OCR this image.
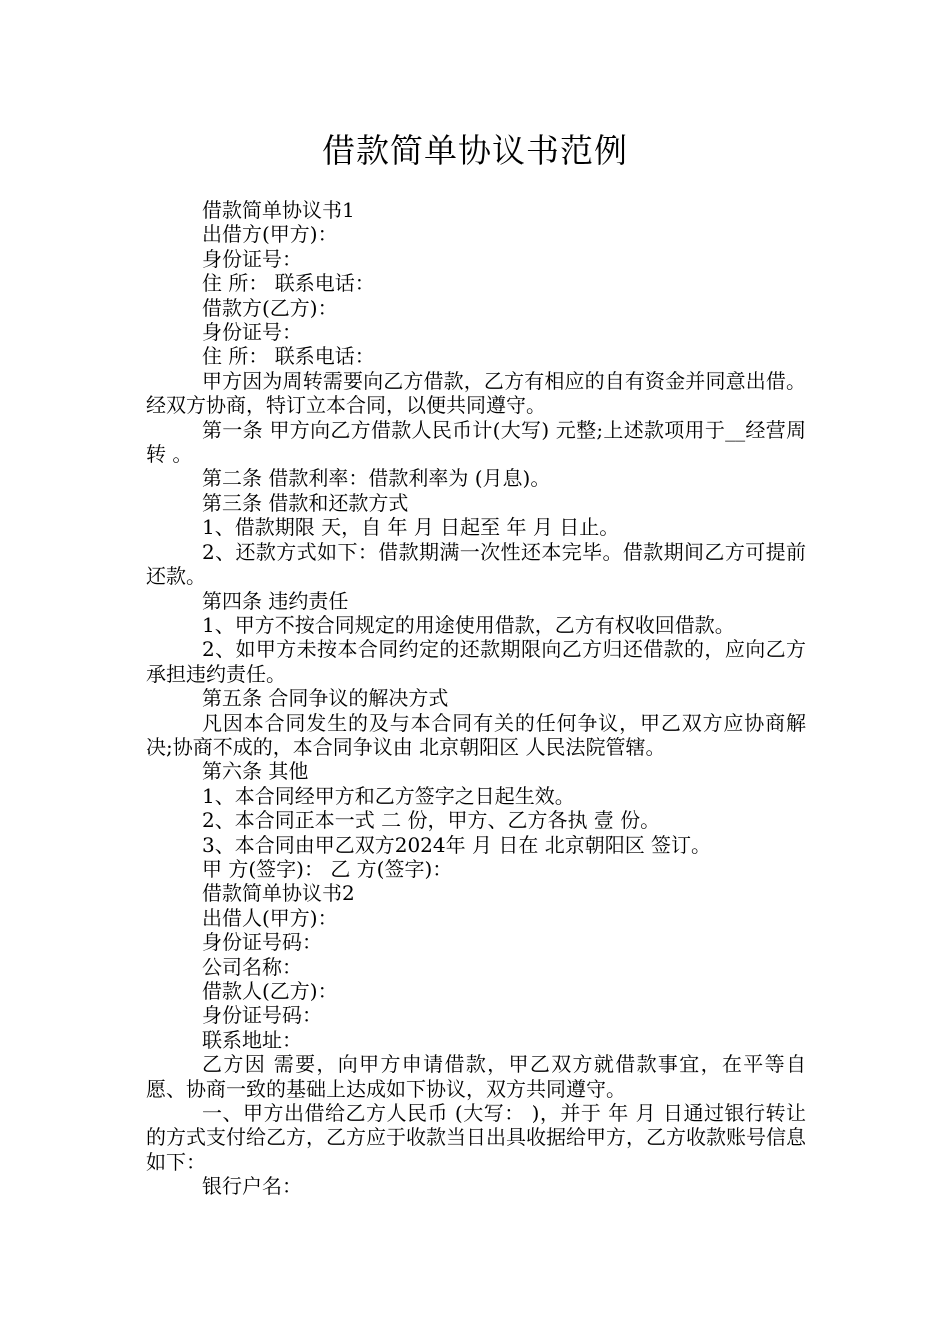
借款简单协议书范例

借款简单协议书1

出借方(甲方)：

身份证号：

住 所： 联系电话：

借款方(乙方)：

身份证号：

住 所： 联系电话：

甲方因为周转需要向乙方借款，乙方有相应的自有资金并同意出借。经双方协商，特订立本合同，以便共同遵守。

第一条 甲方向乙方借款人民币计(大写) 元整;上述款项用于__经营周转 。

第二条 借款利率：借款利率为 (月息)。

第三条 借款和还款方式

1、借款期限 天，自 年 月 日起至 年 月 日止。

2、还款方式如下：借款期满一次性还本完毕。借款期间乙方可提前还款。

第四条 违约责任

1、甲方不按合同规定的用途使用借款，乙方有权收回借款。

2、如甲方未按本合同约定的还款期限向乙方归还借款的，应向乙方承担违约责任。

第五条 合同争议的解决方式

凡因本合同发生的及与本合同有关的任何争议，甲乙双方应协商解决;协商不成的，本合同争议由 北京朝阳区 人民法院管辖。

第六条 其他

1、本合同经甲方和乙方签字之日起生效。

2、本合同正本一式 二 份，甲方、乙方各执 壹 份。

3、本合同由甲乙双方2024年 月 日在 北京朝阳区 签订。

甲 方(签字)： 乙 方(签字)：

借款简单协议书2

出借人(甲方)：

身份证号码：

公司名称：

借款人(乙方)：

身份证号码：

联系地址：

乙方因 需要，向甲方申请借款，甲乙双方就借款事宜，在平等自愿、协商一致的基础上达成如下协议，双方共同遵守。

一、甲方出借给乙方人民币 (大写： )，并于 年 月 日通过银行转让的方式支付给乙方，乙方应于收款当日出具收据给甲方，乙方收款账号信息如下：

银行户名：
